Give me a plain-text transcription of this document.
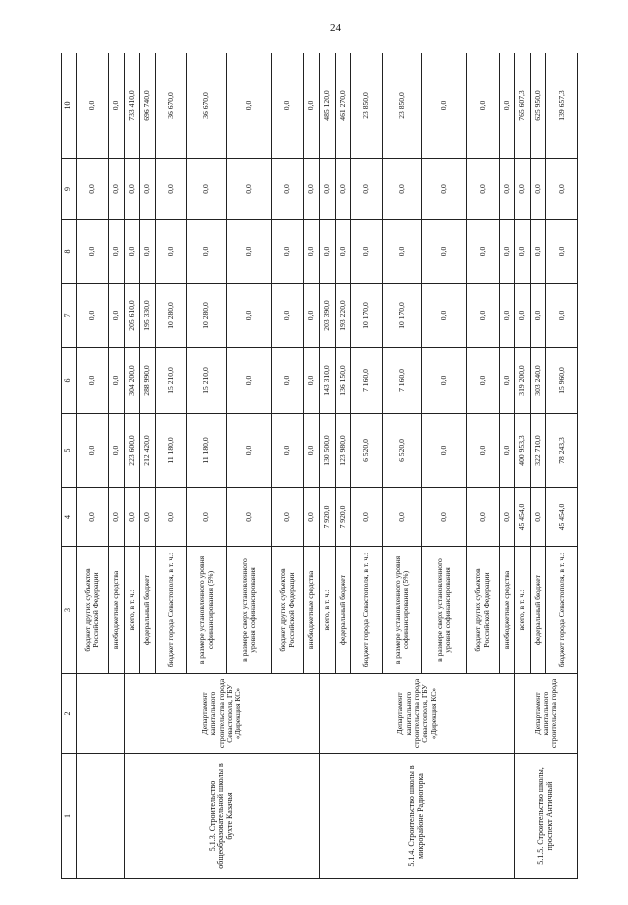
24
1	2	3	4	5	6	7	8	9	10
		бюджет других субъектов Российской Федерации	0,0	0,0	0,0	0,0	0,0	0,0	0,0
		внебюджетные средства	0,0	0,0	0,0	0,0	0,0	0,0	0,0
5.1.3. Строительство общеобразовательной школы в бухте Казачья	Департамент капитального строительства города Севастополя, ГБУ «Дирекция КС»	всего, в т. ч.:	0,0	223 600,0	304 200,0	205 610,0	0,0	0,0	733 410,0
		федеральный бюджет	0,0	212 420,0	288 990,0	195 330,0	0,0	0,0	696 740,0
		бюджет города Севастополя, в т. ч.:	0,0	11 180,0	15 210,0	10 280,0	0,0	0,0	36 670,0
		в размере установленного уровня софинансирования (5%)	0,0	11 180,0	15 210,0	10 280,0	0,0	0,0	36 670,0
		в размере сверх установленного уровня софинансирования	0,0	0,0	0,0	0,0	0,0	0,0	0,0
		бюджет других субъектов Российской Федерации	0,0	0,0	0,0	0,0	0,0	0,0	0,0
		внебюджетные средства	0,0	0,0	0,0	0,0	0,0	0,0	0,0
5.1.4. Строительство школы в микрорайоне Радиогорка	Департамент капитального строительства города Севастополя, ГБУ «Дирекция КС»	всего, в т. ч.:	7 920,0	130 500,0	143 310,0	203 390,0	0,0	0,0	485 120,0
		федеральный бюджет	7 920,0	123 980,0	136 150,0	193 220,0	0,0	0,0	461 270,0
		бюджет города Севастополя, в т. ч.:	0,0	6 520,0	7 160,0	10 170,0	0,0	0,0	23 850,0
		в размере установленного уровня софинансирования (5%)	0,0	6 520,0	7 160,0	10 170,0	0,0	0,0	23 850,0
		в размере сверх установленного уровня софинансирования	0,0	0,0	0,0	0,0	0,0	0,0	0,0
		бюджет других субъектов Российской Федерации	0,0	0,0	0,0	0,0	0,0	0,0	0,0
		внебюджетные средства	0,0	0,0	0,0	0,0	0,0	0,0	0,0
5.1.5. Строительство школы, проспект Античный	Департамент капитального строительства города	всего, в т. ч.:	45 454,0	400 953,3	319 200,0	0,0	0,0	0,0	765 607,3
		федеральный бюджет	0,0	322 710,0	303 240,0	0,0	0,0	0,0	625 950,0
		бюджет города Севастополя, в т. ч.:	45 454,0	78 243,3	15 960,0	0,0	0,0	0,0	139 657,3
